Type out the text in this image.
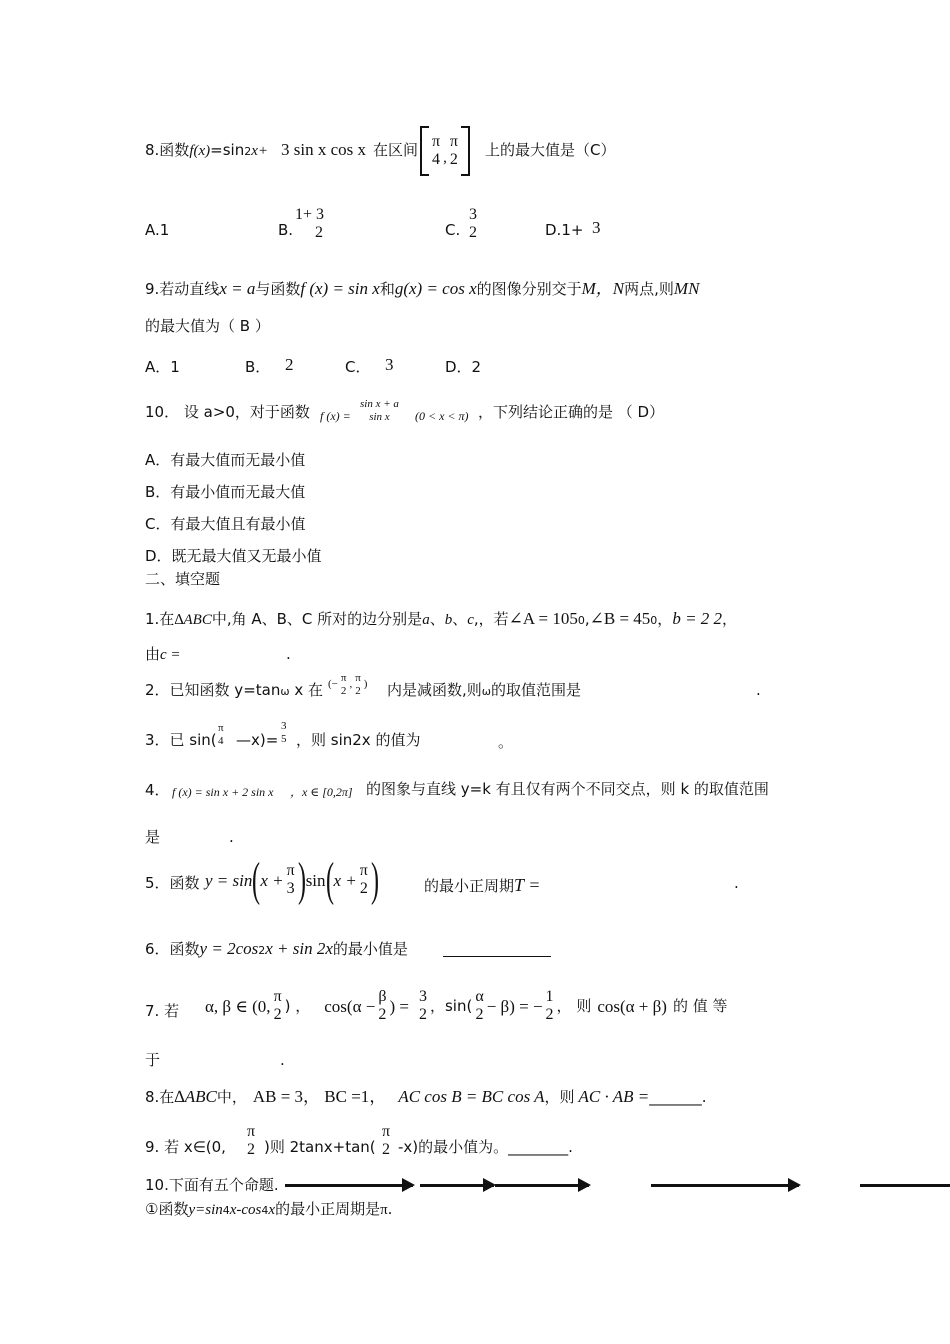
8.函数f(x)=sin2x+ 3 sin x cos x 在区间 π
4 ,
π
2
上的最大值是（C）
A.1	B.
1+ 3
2	C.
3
2	D.1+ 3
9.若动直线x = a与函数f (x) = sin x和g(x) = cos x的图像分别交于M，N两点,则MN
的最大值为（ B ）
A．1	B． 2	C． 3	D．2
10． 设 a>0，对于函数 f (x) =
sin x + a
sin x (0 < x < π) ，下列结论正确的是 （ D）
A．有最大值而无最小值
B．有最小值而无最大值
C．有最大值且有最小值
D．既无最大值又无最小值
二、填空题
1.在∆ABC中,角 A、B、C 所对的边分别是a、b、c,，若∠A = 1050,∠B = 450，b = 2 2，
由c =	.
2．已知函数 y=tanω x 在 (−
π
2
,
π
2
) 内是减函数,则ω的取值范围是	.
3．已 sin(
π
4 —x)=
3
5 ，则 sin2x 的值为	。
4． f (x) = sin x + 2 sin x ，x ∈ [0,2π] 的图象与直线 y=k 有且仅有两个不同交点，则 k 的取值范围
是	.
5．函数 y = sin ( x +
π
3 ) sin ( x +
π
2 )	的最小正周期T =	.
6．函数y = 2cos2x + sin 2x的最小值是
7. 若 α, β ∈ (0,
π
2 ) ， cos(α −
β
2 ) =
3
2 ，sin(
α
2 − β) = −
1
2 ， 则 cos(α + β) 的 值 等
于	.
8.在∆ABC中， AB = 3， BC =1， AC cos B = BC cos A，则 AC · AB =_______.
9. 若 x∈(0,
π
2 )则 2tanx+tan(
π
2 -x)的最小值为。________.
10.下面有五个命题.
①函数y=sin4x-cos4x的最小正周期是π.
